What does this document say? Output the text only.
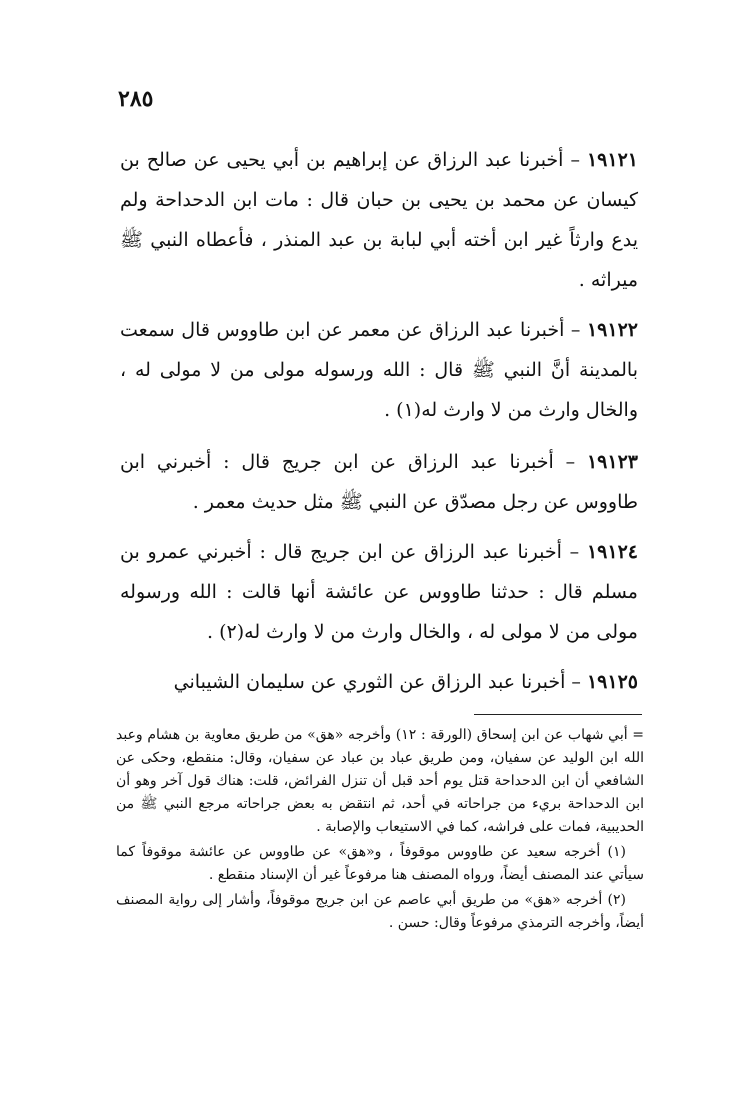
٢٨٥

١٩١٢١ – أخبرنا عبد الرزاق عن إبراهيم بن أبي يحيى عن صالح بن كيسان عن محمد بن يحيى بن حبان قال : مات ابن الدحداحة ولم يدع وارثاً غير ابن أخته أبي لبابة بن عبد المنذر ، فأعطاه النبي ﷺ ميراثه .

١٩١٢٢ – أخبرنا عبد الرزاق عن معمر عن ابن طاووس قال سمعت بالمدينة أنَّ النبي ﷺ قال : الله ورسوله مولى من لا مولى له ، والخال وارث من لا وارث له(١) .

١٩١٢٣ – أخبرنا عبد الرزاق عن ابن جريج قال : أخبرني ابن طاووس عن رجل مصدّق عن النبي ﷺ مثل حديث معمر .

١٩١٢٤ – أخبرنا عبد الرزاق عن ابن جريج قال : أخبرني عمرو بن مسلم قال : حدثنا طاووس عن عائشة أنها قالت : الله ورسوله مولى من لا مولى له ، والخال وارث من لا وارث له(٢) .

١٩١٢٥ – أخبرنا عبد الرزاق عن الثوري عن سليمان الشيباني

= أبي شهاب عن ابن إسحاق (الورقة : ١٢) وأخرجه «هق» من طريق معاوية بن هشام وعبد الله ابن الوليد عن سفيان، ومن طريق عباد بن عباد عن سفيان، وقال: منقطع، وحكى عن الشافعي أن ابن الدحداحة قتل يوم أحد قبل أن تنزل الفرائض، قلت: هناك قول آخر وهو أن ابن الدحداحة بريء من جراحاته في أحد، ثم انتقض به بعض جراحاته مرجع النبي ﷺ من الحديبية، فمات على فراشه، كما في الاستيعاب والإصابة .

(١) أخرجه سعيد عن طاووس موقوفاً ، و«هق» عن طاووس عن عائشة موقوفاً كما سيأتي عند المصنف أيضاً، ورواه المصنف هنا مرفوعاً غير أن الإسناد منقطع .

(٢) أخرجه «هق» من طريق أبي عاصم عن ابن جريج موقوفاً، وأشار إلى رواية المصنف أيضاً، وأخرجه الترمذي مرفوعاً وقال: حسن .
